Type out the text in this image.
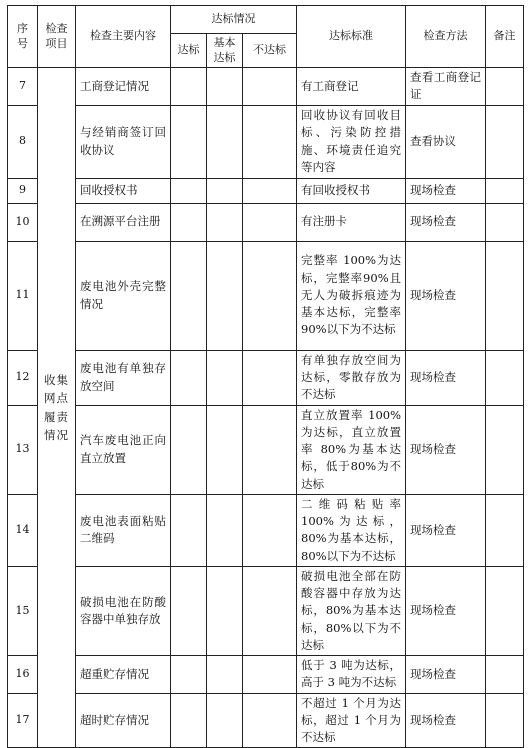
序号	检查项目	检查主要内容	达标情况			达标标准	检查方法	备注
			达标	基本达标	不达标			
7	收集网点履责情况	工商登记情况				有工商登记	查看工商登记证	
8		与经销商签订回收协议				回收协议有回收目标、污染防控措施、环境责任追究等内容	查看协议	
9		回收授权书				有回收授权书	现场检查	
10		在溯源平台注册				有注册卡	现场检查	
11		废电池外壳完整情况				完整率 100%为达标，完整率90%且无人为破拆痕迹为基本达标，完整率90%以下为不达标	现场检查	
12		废电池有单独存放空间				有单独存放空间为达标，零散存放为不达标	现场检查	
13		汽车废电池正向直立放置				直立放置率 100%为达标，直立放置率 80%为基本达标，低于80%为不达标	现场检查	
14		废电池表面粘贴二维码				二维码粘贴率100%为达标，80%为基本达标，80%以下为不达标	现场检查	
15		破损电池在防酸容器中单独存放				破损电池全部在防酸容器中存放为达标，80%为基本达标，80%以下为不达标	现场检查	
16		超重贮存情况				低于 3 吨为达标，高于 3 吨为不达标	现场检查	
17		超时贮存情况				不超过 1 个月为达标，超过 1 个月为不达标	现场检查	
